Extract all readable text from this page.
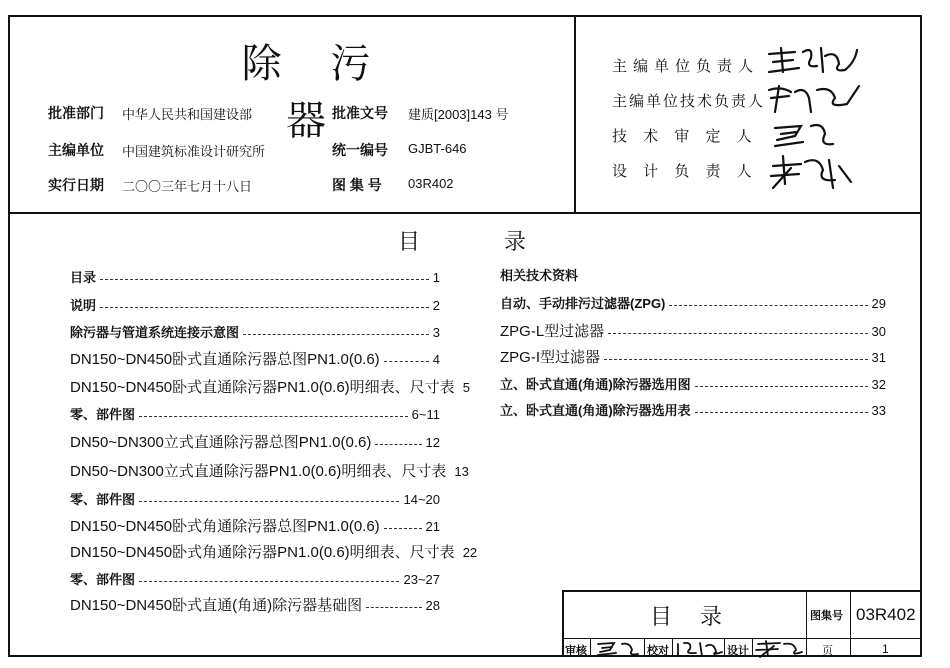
除 污 器
批准部门 中华人民共和国建设部
主编单位 中国建筑标准设计研究所
实行日期 二〇〇三年七月十八日
批准文号 建质[2003]143 号
统一编号 GJBT-646
图 集 号 03R402
主编单位负责人
主编单位技术负责人
技 术 审 定 人
设 计 负 责 人
目	录
目录	1
说明	2
除污器与管道系统连接示意图	3
DN150~DN450卧式直通除污器总图PN1.0(0.6)	4
DN150~DN450卧式直通除污器PN1.0(0.6)明细表、尺寸表 5
零、部件图	6~11
DN50~DN300立式直通除污器总图PN1.0(0.6)	12
DN50~DN300立式直通除污器PN1.0(0.6)明细表、尺寸表 13
零、部件图	14~20
DN150~DN450卧式角通除污器总图PN1.0(0.6)	21
DN150~DN450卧式角通除污器PN1.0(0.6)明细表、尺寸表 22
零、部件图	23~27
DN150~DN450卧式直通(角通)除污器基础图	28
相关技术资料
自动、手动排污过滤器(ZPG)	29
ZPG-L型过滤器	30
ZPG-I型过滤器	31
立、卧式直通(角通)除污器选用图	32
立、卧式直通(角通)除污器选用表	33
目录	图集号 03R402
审核	校对	设计	页	1
